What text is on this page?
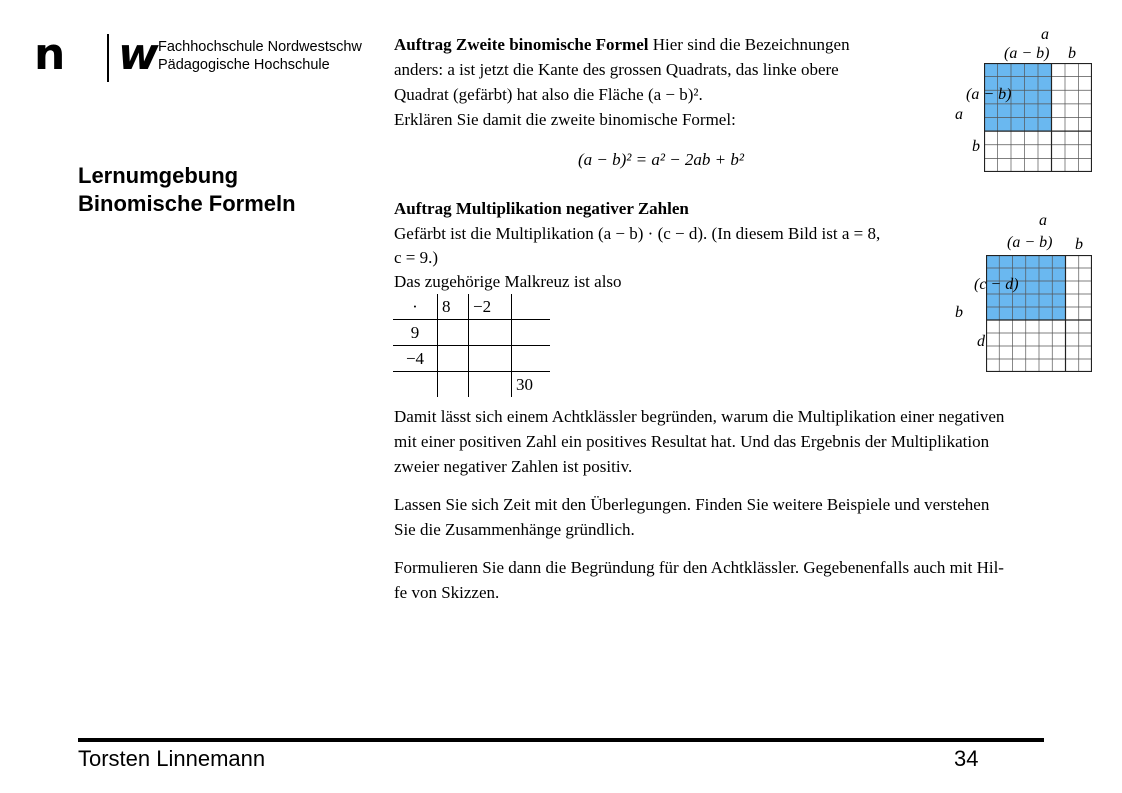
n w Fachhochschule Nordwestschw
Pädagogische Hochschule
Lernumgebung
Binomische Formeln
Auftrag Zweite binomische Formel Hier sind die Bezeichnungen
anders: a ist jetzt die Kante des grossen Quadrats, das linke obere
Quadrat (gefärbt) hat also die Fläche (a − b)².
Erklären Sie damit die zweite binomische Formel:
(a − b)² = a² − 2ab + b²
Auftrag Multiplikation negativer Zahlen
Gefärbt ist die Multiplikation (a − b) · (c − d). (In diesem Bild ist a = 8,
c = 9.)
Das zugehörige Malkreuz ist also
·	8	−2	
9			
−4			
			30
Damit lässt sich einem Achtklässler begründen, warum die Multiplikation einer negativen
mit einer positiven Zahl ein positives Resultat hat. Und das Ergebnis der Multiplikation
zweier negativer Zahlen ist positiv.
Lassen Sie sich Zeit mit den Überlegungen. Finden Sie weitere Beispiele und verstehen
Sie die Zusammenhänge gründlich.
Formulieren Sie dann die Begründung für den Achtklässler. Gegebenenfalls auch mit Hil-
fe von Skizzen.
a
(a − b) b
(a − b)
a
b
a
(a − b) b
(c − d)
b
d
Torsten Linnemann	34
